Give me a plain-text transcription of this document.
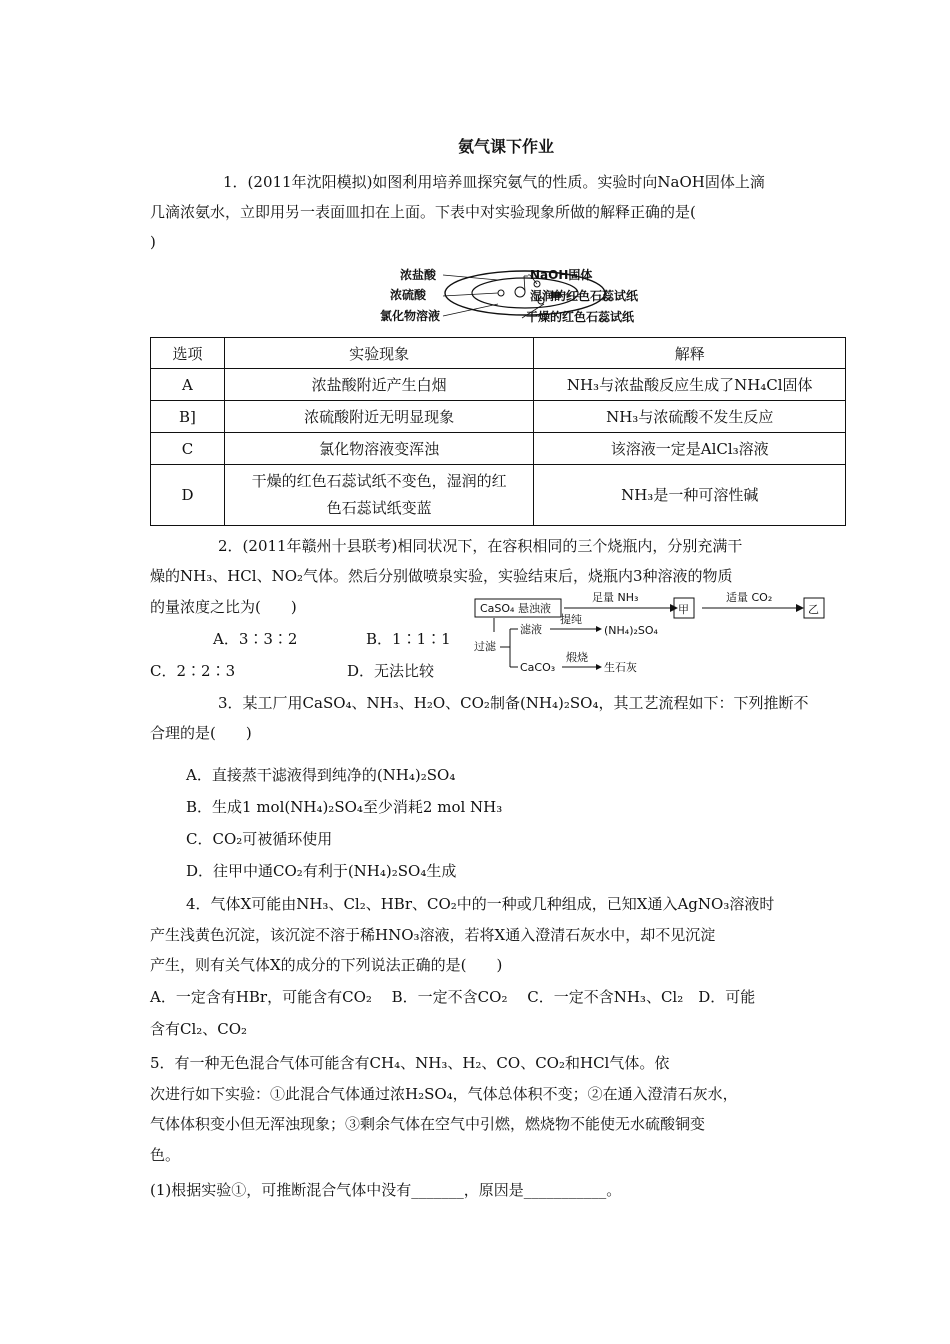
氨气课下作业
1．(2011年沈阳模拟)如图利用培养皿探究氨气的性质。实验时向NaOH固体上滴
几滴浓氨水，立即用另一表面皿扣在上面。下表中对实验现象所做的解释正确的是(
)
浓盐酸
浓硫酸
氯化物溶液
NaOH固体
湿润的红色石蕊试纸
干燥的红色石蕊试纸
选项	实验现象	解释
A	浓盐酸附近产生白烟	NH₃与浓盐酸反应生成了NH₄Cl固体
B]	浓硫酸附近无明显现象	NH₃与浓硫酸不发生反应
C	氯化物溶液变浑浊	该溶液一定是AlCl₃溶液
D	干燥的红色石蕊试纸不变色，湿润的红
色石蕊试纸变蓝	NH₃是一种可溶性碱
2．(2011年赣州十县联考)相同状况下，在容积相同的三个烧瓶内，分别充满干
燥的NH₃、HCl、NO₂气体。然后分别做喷泉实验，实验结束后，烧瓶内3种溶液的物质
的量浓度之比为(　　)
A．3∶3∶2	B．1∶1∶1
C．2∶2∶3	D．无法比较
CaSO₄ 悬浊液
足量 NH₃
甲
适量 CO₂
乙
过滤
滤液
提纯
(NH₄)₂SO₄
CaCO₃
煅烧
生石灰
3．某工厂用CaSO₄、NH₃、H₂O、CO₂制备(NH₄)₂SO₄，其工艺流程如下：下列推断不
合理的是(　　)
A．直接蒸干滤液得到纯净的(NH₄)₂SO₄
B．生成1 mol(NH₄)₂SO₄至少消耗2 mol NH₃
C．CO₂可被循环使用
D．往甲中通CO₂有利于(NH₄)₂SO₄生成
4．气体X可能由NH₃、Cl₂、HBr、CO₂中的一种或几种组成，已知X通入AgNO₃溶液时
产生浅黄色沉淀，该沉淀不溶于稀HNO₃溶液，若将X通入澄清石灰水中，却不见沉淀
产生，则有关气体X的成分的下列说法正确的是(　　)
A．一定含有HBr，可能含有CO₂　 B．一定不含CO₂　 C．一定不含NH₃、Cl₂　D．可能
含有Cl₂、CO₂
5．有一种无色混合气体可能含有CH₄、NH₃、H₂、CO、CO₂和HCl气体。依
次进行如下实验：①此混合气体通过浓H₂SO₄，气体总体积不变；②在通入澄清石灰水，
气体体积变小但无浑浊现象；③剩余气体在空气中引燃，燃烧物不能使无水硫酸铜变
色。
(1)根据实验①，可推断混合气体中没有_______，原因是___________。
